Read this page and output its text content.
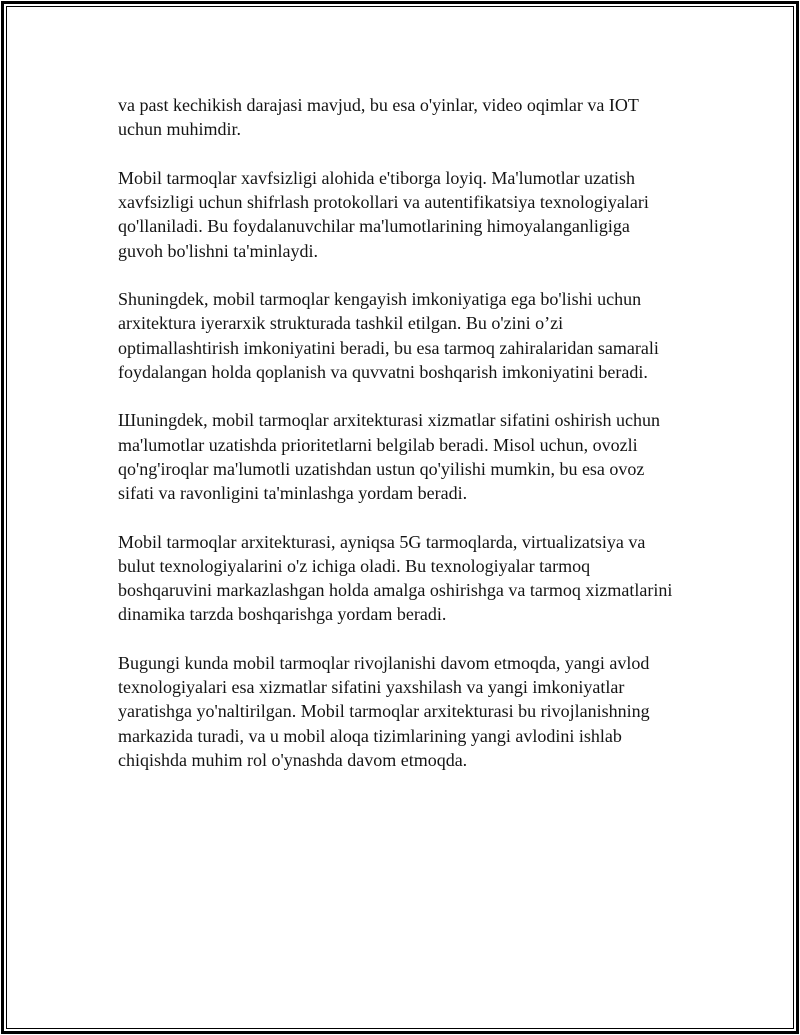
va past kechikish darajasi mavjud, bu esa o'yinlar, video oqimlar va IOT
uchun muhimdir.
Mobil tarmoqlar xavfsizligi alohida e'tiborga loyiq. Ma'lumotlar uzatish
xavfsizligi uchun shifrlash protokollari va autentifikatsiya texnologiyalari
qo'llaniladi. Bu foydalanuvchilar ma'lumotlarining himoyalanganligiga
guvoh bo'lishni ta'minlaydi.
Shuningdek, mobil tarmoqlar kengayish imkoniyatiga ega bo'lishi uchun
arxitektura iyerarxik strukturada tashkil etilgan. Bu o'zini o’zi
optimallashtirish imkoniyatini beradi, bu esa tarmoq zahiralaridan samarali
foydalangan holda qoplanish va quvvatni boshqarish imkoniyatini beradi.
Шuningdek, mobil tarmoqlar arxitekturasi xizmatlar sifatini oshirish uchun
ma'lumotlar uzatishda prioritetlarni belgilab beradi. Misol uchun, ovozli
qo'ng'iroqlar ma'lumotli uzatishdan ustun qo'yilishi mumkin, bu esa ovoz
sifati va ravonligini ta'minlashga yordam beradi.
Mobil tarmoqlar arxitekturasi, ayniqsa 5G tarmoqlarda, virtualizatsiya va
bulut texnologiyalarini o'z ichiga oladi. Bu texnologiyalar tarmoq
boshqaruvini markazlashgan holda amalga oshirishga va tarmoq xizmatlarini
dinamika tarzda boshqarishga yordam beradi.
Bugungi kunda mobil tarmoqlar rivojlanishi davom etmoqda, yangi avlod
texnologiyalari esa xizmatlar sifatini yaxshilash va yangi imkoniyatlar
yaratishga yo'naltirilgan. Mobil tarmoqlar arxitekturasi bu rivojlanishning
markazida turadi, va u mobil aloqa tizimlarining yangi avlodini ishlab
chiqishda muhim rol o'ynashda davom etmoqda.
